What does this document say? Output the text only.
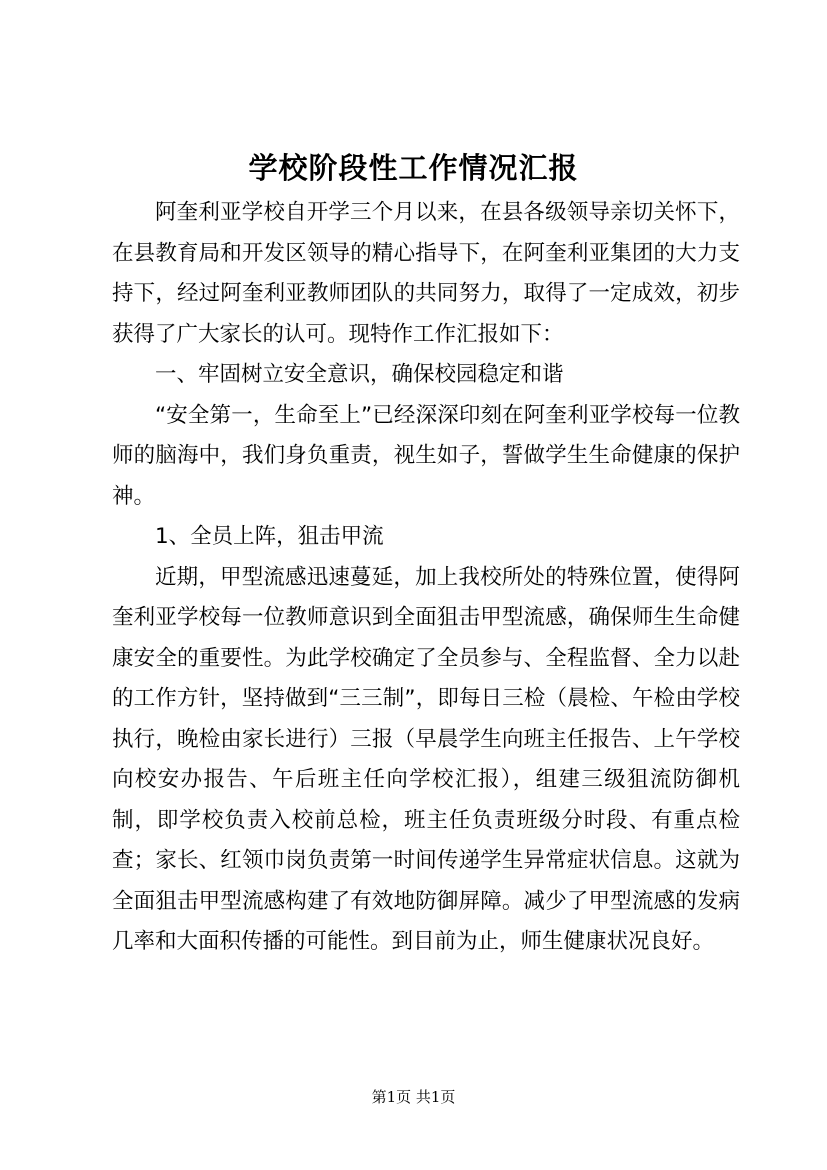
学校阶段性工作情况汇报

阿奎利亚学校自开学三个月以来，在县各级领导亲切关怀下，在县教育局和开发区领导的精心指导下，在阿奎利亚集团的大力支持下，经过阿奎利亚教师团队的共同努力，取得了一定成效，初步获得了广大家长的认可。现特作工作汇报如下：

一、牢固树立安全意识，确保校园稳定和谐

“安全第一，生命至上”已经深深印刻在阿奎利亚学校每一位教师的脑海中，我们身负重责，视生如子，誓做学生生命健康的保护神。

1、全员上阵，狙击甲流

近期，甲型流感迅速蔓延，加上我校所处的特殊位置，使得阿奎利亚学校每一位教师意识到全面狙击甲型流感，确保师生生命健康安全的重要性。为此学校确定了全员参与、全程监督、全力以赴的工作方针，坚持做到“三三制”，即每日三检（晨检、午检由学校执行，晚检由家长进行）三报（早晨学生向班主任报告、上午学校向校安办报告、午后班主任向学校汇报），组建三级狙流防御机制，即学校负责入校前总检，班主任负责班级分时段、有重点检查；家长、红领巾岗负责第一时间传递学生异常症状信息。这就为全面狙击甲型流感构建了有效地防御屏障。减少了甲型流感的发病几率和大面积传播的可能性。到目前为止，师生健康状况良好。

第1页 共1页
